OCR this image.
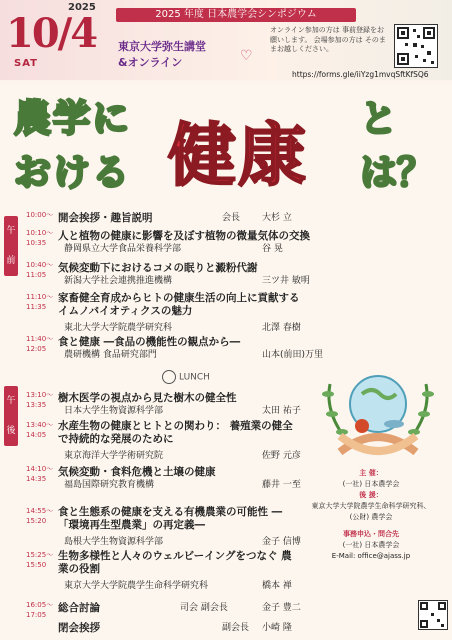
2025
10/4
SAT
2025 年度 日本農学会シンポジウム
東京大学弥生講堂
&オンライン	♡
オンライン参加の方は 事前登録をお願いします。 会場参加の方は そのままお越しください。
https://forms.gle/iiYzg1mvqSftKfSQ6
農学に
おける 健康 と
は？
午前
午後
10:00〜 開会挨拶・趣旨説明	会長 大杉 立
10:10〜 10:35
人と植物の健康に影響を及ぼす植物の微量気体の交換
静岡県立大学食品栄養科学部	谷 晃
10:40〜 11:05
気候変動下におけるコメの眠りと澱粉代謝
新潟大学社会連携推進機構	三ツ井 敏明
11:10〜 11:35
家畜健全育成からヒトの健康生活の向上に貢献する イムノバイオティクスの魅力
東北大学大学院農学研究科	北澤 春樹
11:40〜 12:05
食と健康 ―食品の機能性の観点から―
農研機構 食品研究部門	山本(前田)万里
LUNCH
13:10〜 13:35
樹木医学の視点から見た樹木の健全性
日本大学生物資源科学部	太田 祐子
13:40〜 14:05
水産生物の健康とヒトとの関わり： 養殖業の健全で持続的な発展のために
東京海洋大学学術研究院	佐野 元彦
14:10〜 14:35
気候変動・食料危機と土壌の健康
福島国際研究教育機構	藤井 一至
14:55〜 15:20
食と生態系の健康を支える有機農業の可能性 ―「環境再生型農業」の再定義―
島根大学生物資源科学部	金子 信博
15:25〜 15:50
生物多様性と人々のウェルビーイングをつなぐ 農業の役割
東京大学大学院農学生命科学研究科	橋本 禅
16:05〜 17:05
総合討論	司会 副会長	金子 豊二
閉会挨拶	副会長 小崎 隆
主 催：
(一社) 日本農学会
後 援：
東京大学大学院農学生命科学研究科、
(公財) 農学会
事務申込・問合先
(一社) 日本農学会
E-Mail: office@ajass.jp
